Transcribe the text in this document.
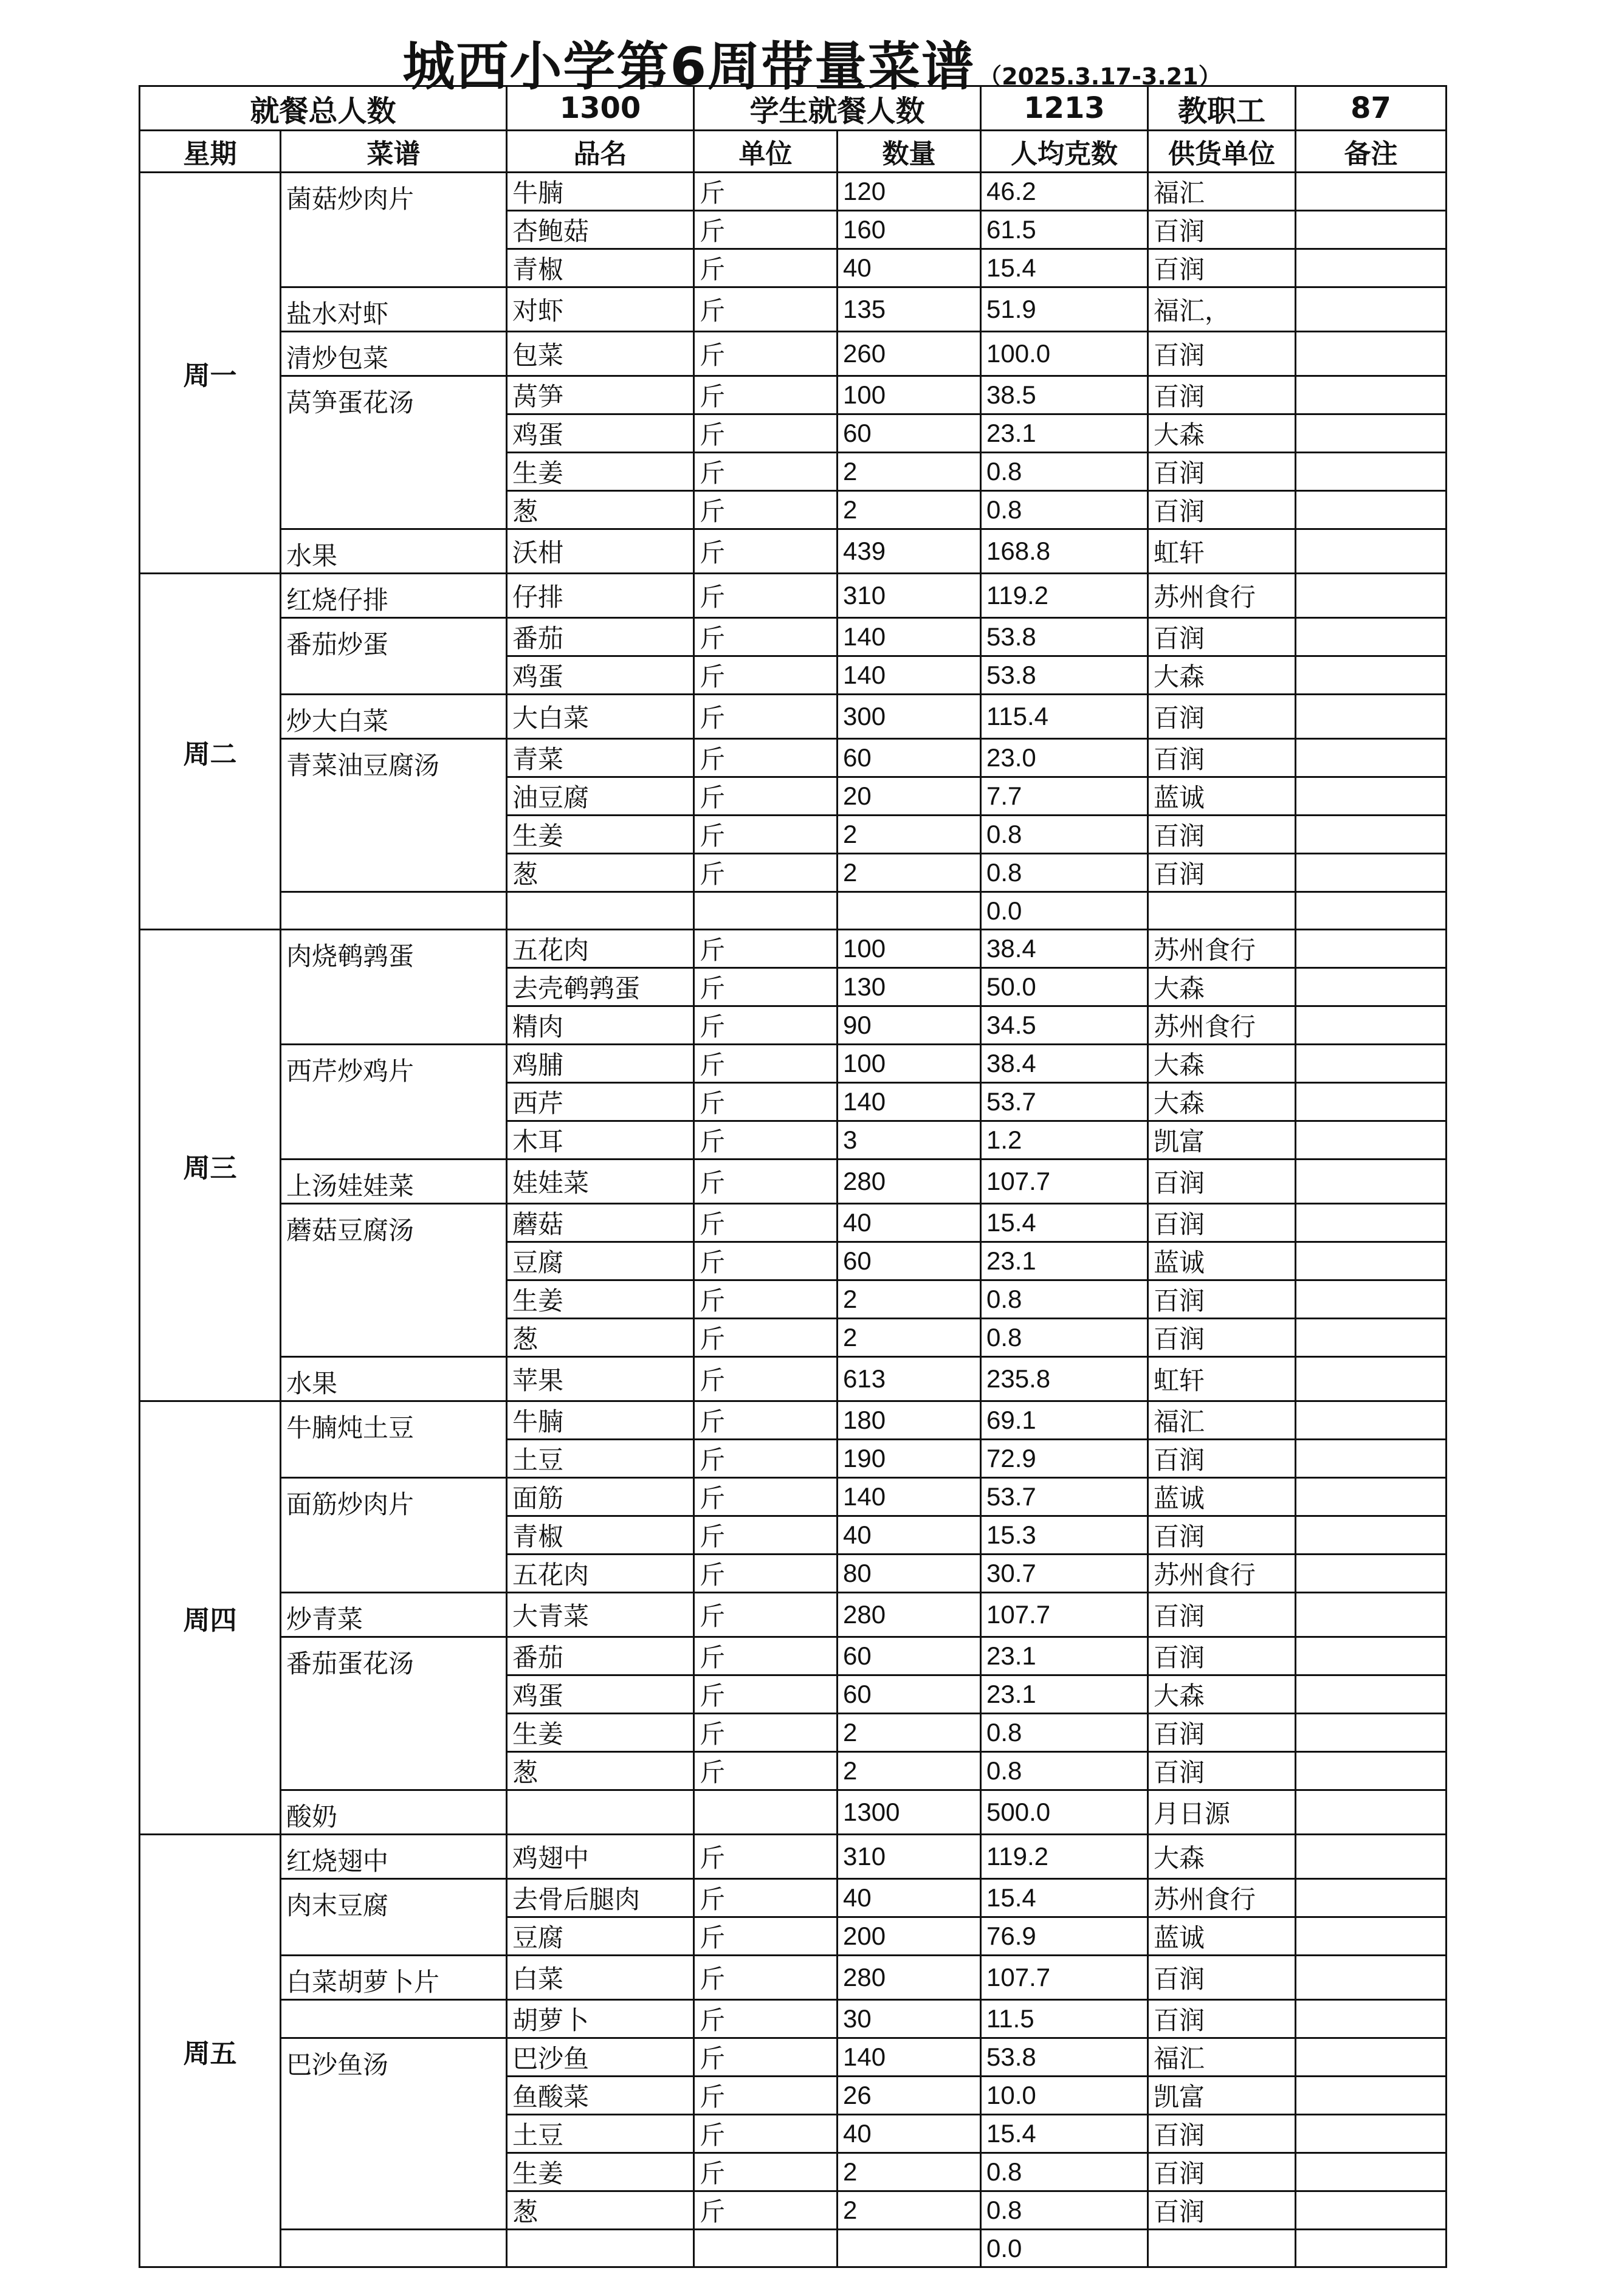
城西小学第6周带量菜谱 （2025.3.17-3.21）
就餐总人数		1300	学生就餐人数		1213	教职工	87
星期	菜谱	品名	单位	数量	人均克数	供货单位	备注
周一	菌菇炒肉片	牛腩	斤	120	46.2	福汇	
		杏鲍菇	斤	160	61.5	百润	
		青椒	斤	40	15.4	百润	
	盐水对虾	对虾	斤	135	51.9	福汇，	
	清炒包菜	包菜	斤	260	100.0	百润	
	莴笋蛋花汤	莴笋	斤	100	38.5	百润	
		鸡蛋	斤	60	23.1	大森	
		生姜	斤	2	0.8	百润	
		葱	斤	2	0.8	百润	
	水果	沃柑	斤	439	168.8	虹轩	
周二	红烧仔排	仔排	斤	310	119.2	苏州食行	
	番茄炒蛋	番茄	斤	140	53.8	百润	
		鸡蛋	斤	140	53.8	大森	
	炒大白菜	大白菜	斤	300	115.4	百润	
	青菜油豆腐汤	青菜	斤	60	23.0	百润	
		油豆腐	斤	20	7.7	蓝诚	
		生姜	斤	2	0.8	百润	
		葱	斤	2	0.8	百润	
					0.0		
周三	肉烧鹌鹑蛋	五花肉	斤	100	38.4	苏州食行	
		去壳鹌鹑蛋	斤	130	50.0	大森	
		精肉	斤	90	34.5	苏州食行	
	西芹炒鸡片	鸡脯	斤	100	38.4	大森	
		西芹	斤	140	53.7	大森	
		木耳	斤	3	1.2	凯富	
	上汤娃娃菜	娃娃菜	斤	280	107.7	百润	
	蘑菇豆腐汤	蘑菇	斤	40	15.4	百润	
		豆腐	斤	60	23.1	蓝诚	
		生姜	斤	2	0.8	百润	
		葱	斤	2	0.8	百润	
	水果	苹果	斤	613	235.8	虹轩	
周四	牛腩炖土豆	牛腩	斤	180	69.1	福汇	
		土豆	斤	190	72.9	百润	
	面筋炒肉片	面筋	斤	140	53.7	蓝诚	
		青椒	斤	40	15.3	百润	
		五花肉	斤	80	30.7	苏州食行	
	炒青菜	大青菜	斤	280	107.7	百润	
	番茄蛋花汤	番茄	斤	60	23.1	百润	
		鸡蛋	斤	60	23.1	大森	
		生姜	斤	2	0.8	百润	
		葱	斤	2	0.8	百润	
	酸奶			1300	500.0	月日源	
周五	红烧翅中	鸡翅中	斤	310	119.2	大森	
	肉末豆腐	去骨后腿肉	斤	40	15.4	苏州食行	
		豆腐	斤	200	76.9	蓝诚	
	白菜胡萝卜片	白菜	斤	280	107.7	百润	
		胡萝卜	斤	30	11.5	百润	
	巴沙鱼汤	巴沙鱼	斤	140	53.8	福汇	
		鱼酸菜	斤	26	10.0	凯富	
		土豆	斤	40	15.4	百润	
		生姜	斤	2	0.8	百润	
		葱	斤	2	0.8	百润	
					0.0		
